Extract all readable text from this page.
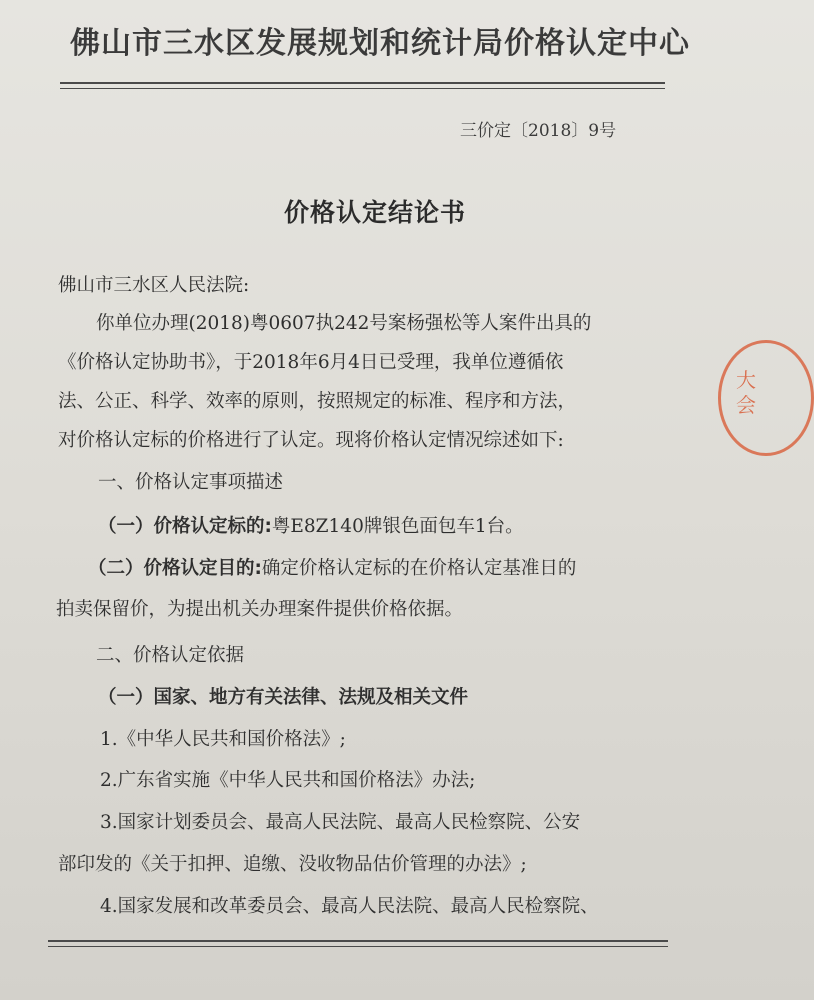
佛山市三水区发展规划和统计局价格认定中心
三价定〔2018〕9号
价格认定结论书
佛山市三水区人民法院:
你单位办理(2018)粤0607执242号案杨强松等人案件出具的
《价格认定协助书》，于2018年6月4日已受理，我单位遵循依
法、公正、科学、效率的原则，按照规定的标准、程序和方法，
对价格认定标的价格进行了认定。现将价格认定情况综述如下:
一、价格认定事项描述
（一）价格认定标的:粤E8Z140牌银色面包车1台。
（二）价格认定目的:确定价格认定标的在价格认定基准日的
拍卖保留价，为提出机关办理案件提供价格依据。
二、价格认定依据
（一）国家、地方有关法律、法规及相关文件
1.《中华人民共和国价格法》;
2.广东省实施《中华人民共和国价格法》办法;
3.国家计划委员会、最高人民法院、最高人民检察院、公安
部印发的《关于扣押、追缴、没收物品估价管理的办法》;
4.国家发展和改革委员会、最高人民法院、最高人民检察院、
大会
